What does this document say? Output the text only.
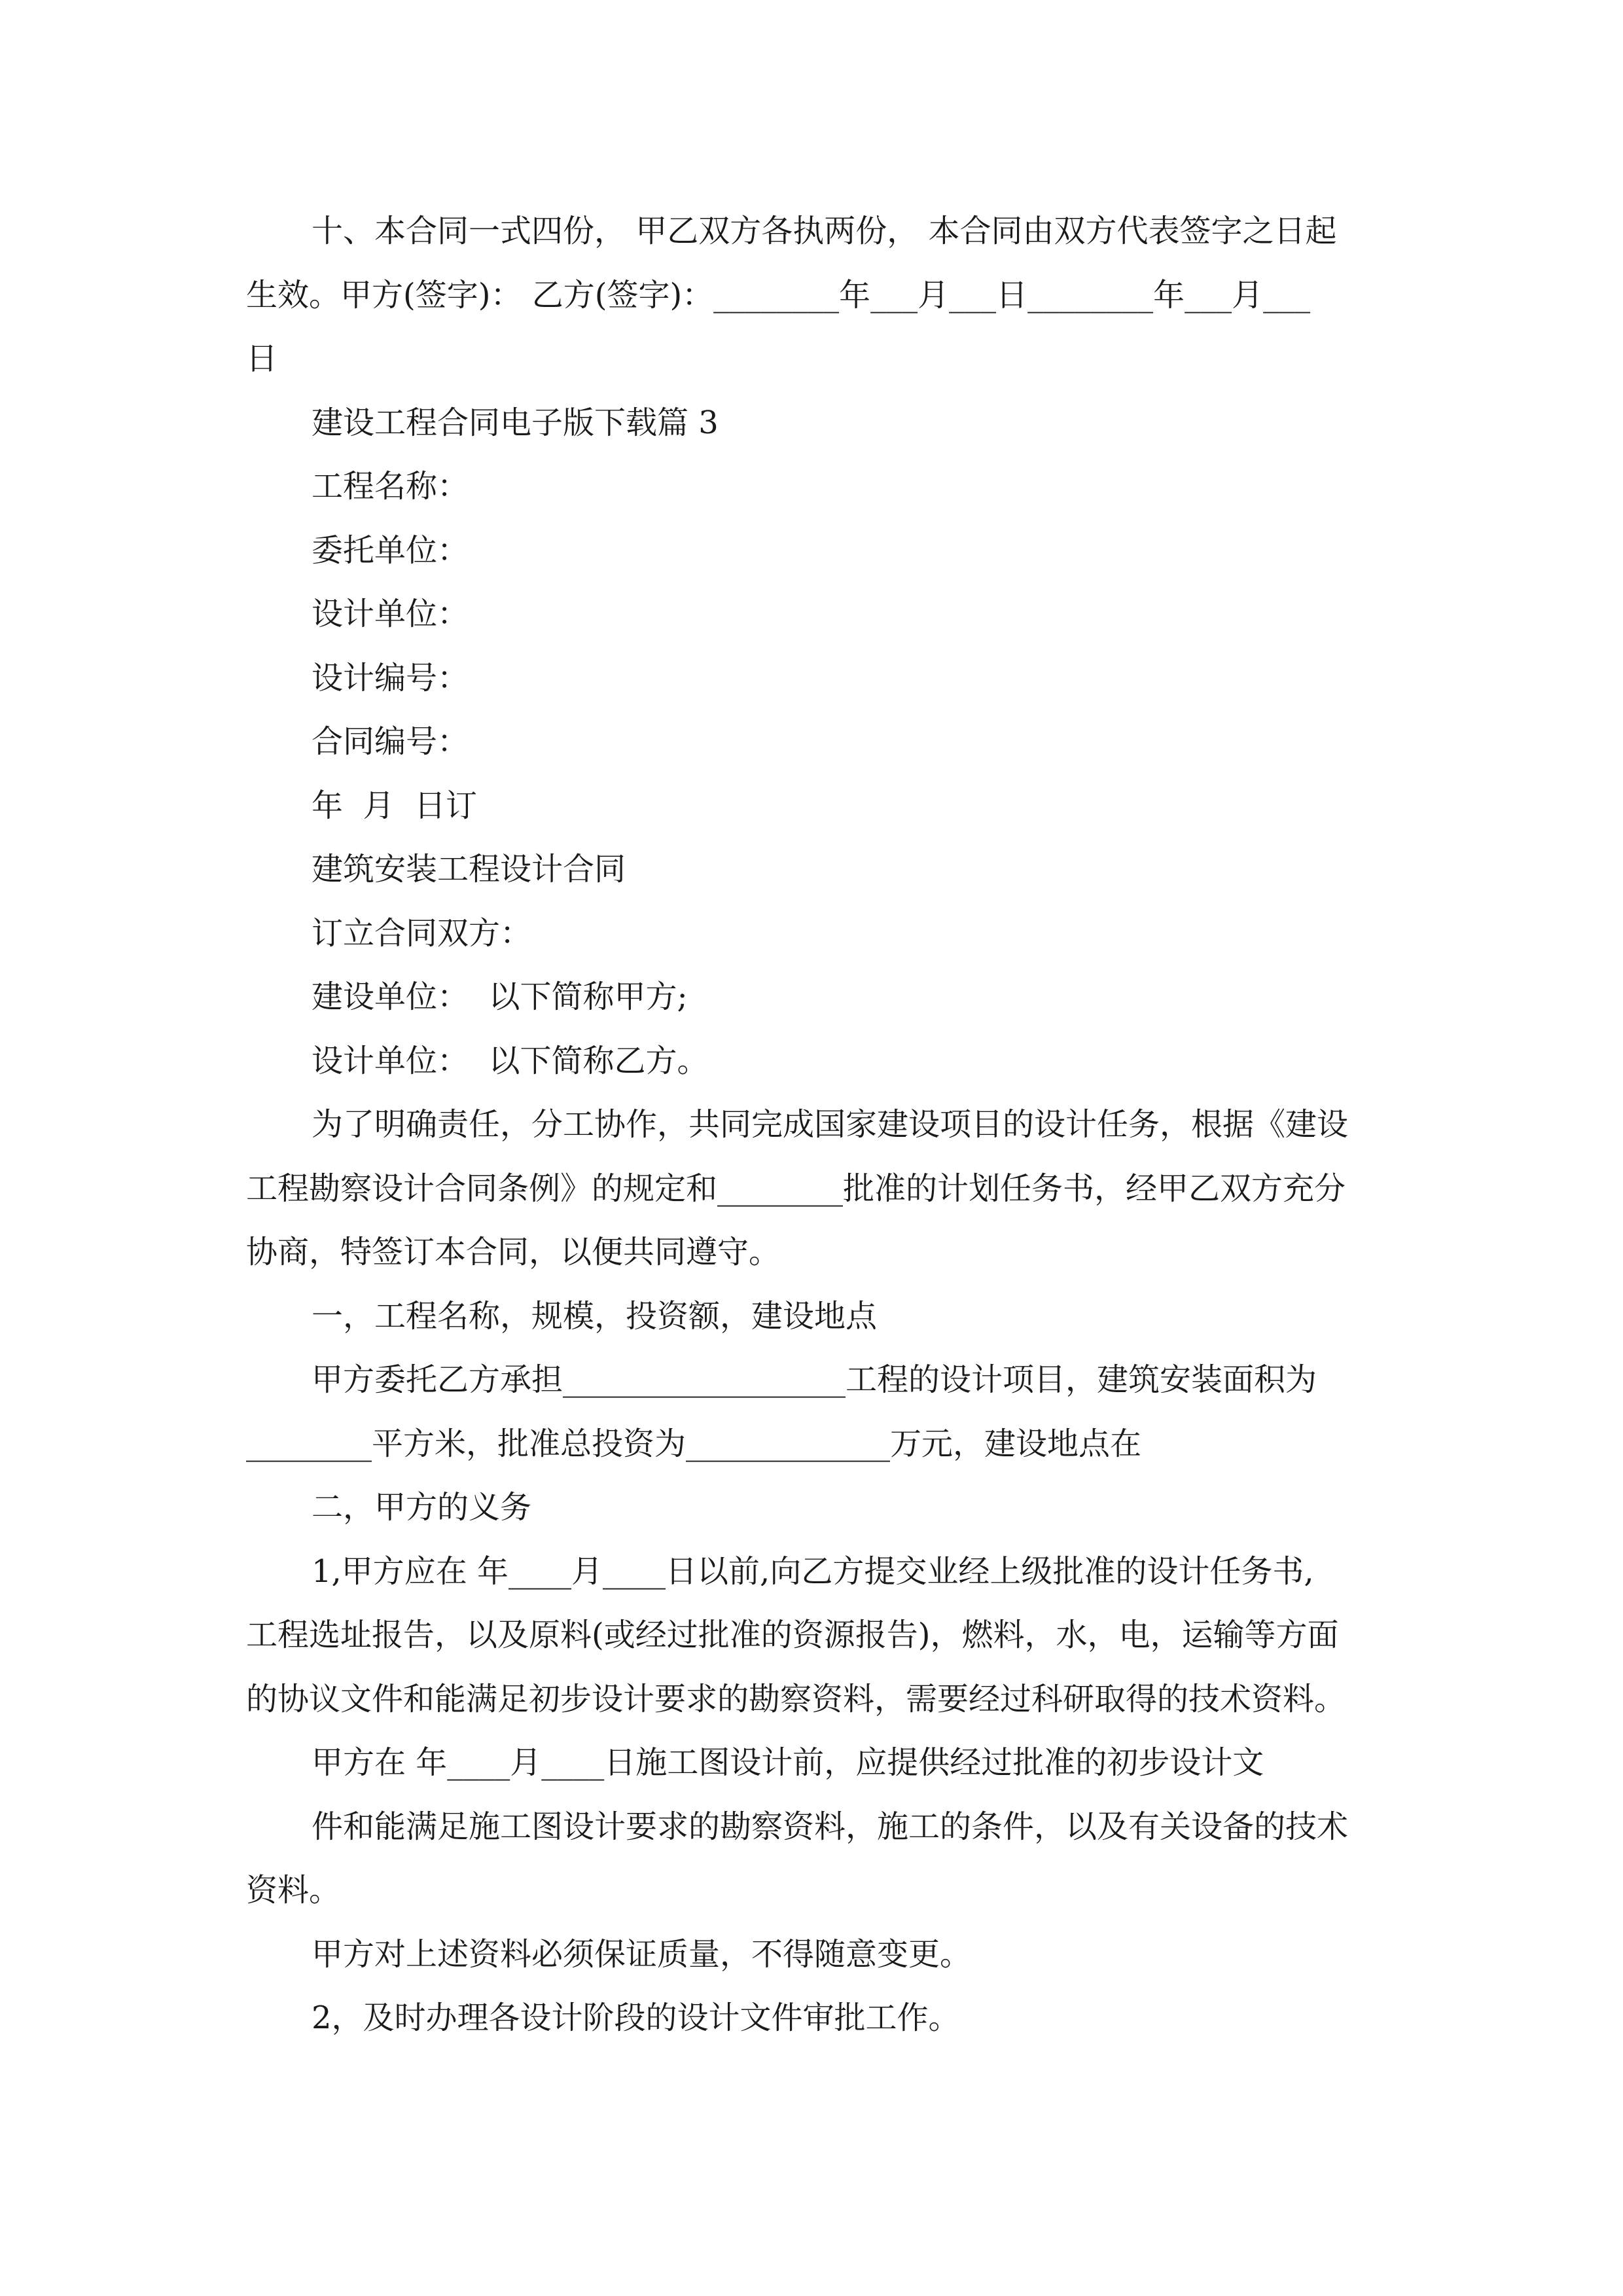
十、本合同一式四份， 甲乙双方各执两份， 本合同由双方代表签字之日起

生效。甲方(签字)： 乙方(签字)：________年___月___日________年___月___

日

建设工程合同电子版下载篇 3

工程名称：

委托单位：

设计单位：

设计编号：

合同编号：

年  月  日订

建筑安装工程设计合同

订立合同双方：

建设单位：  以下简称甲方;

设计单位：  以下简称乙方。

为了明确责任，分工协作，共同完成国家建设项目的设计任务，根据《建设

工程勘察设计合同条例》的规定和________批准的计划任务书，经甲乙双方充分

协商，特签订本合同，以便共同遵守。

一，工程名称，规模，投资额，建设地点

甲方委托乙方承担__________________工程的设计项目，建筑安装面积为

________平方米，批准总投资为_____________万元，建设地点在

二，甲方的义务

1,甲方应在 年____月____日以前,向乙方提交业经上级批准的设计任务书,

工程选址报告，以及原料(或经过批准的资源报告)，燃料，水，电，运输等方面

的协议文件和能满足初步设计要求的勘察资料，需要经过科研取得的技术资料。

甲方在 年____月____日施工图设计前，应提供经过批准的初步设计文

件和能满足施工图设计要求的勘察资料，施工的条件，以及有关设备的技术

资料。

甲方对上述资料必须保证质量，不得随意变更。

2，及时办理各设计阶段的设计文件审批工作。
